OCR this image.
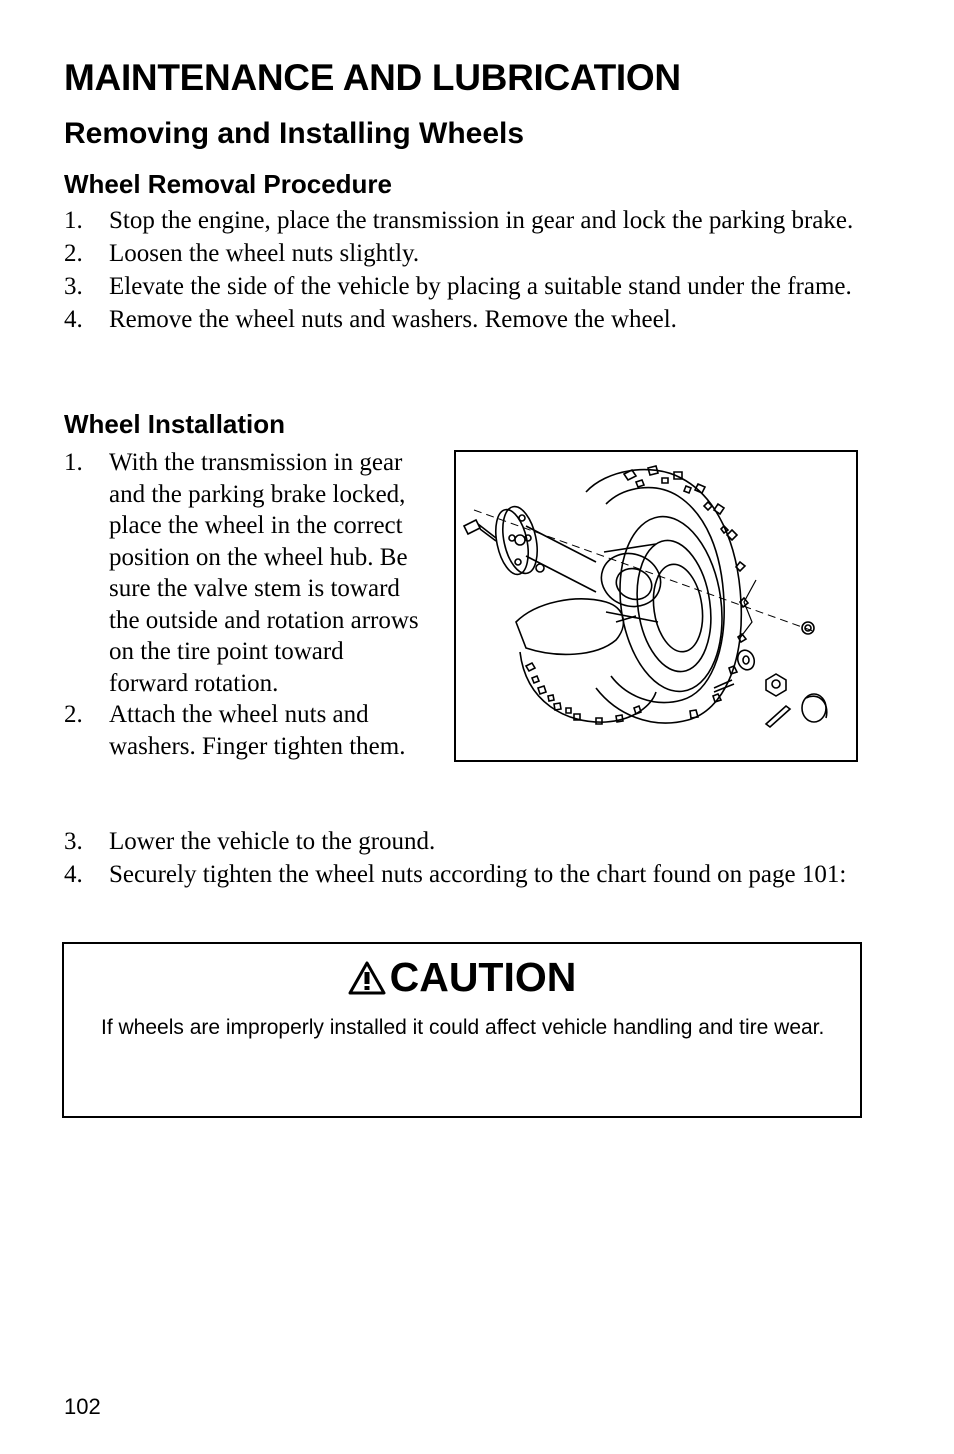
MAINTENANCE AND LUBRICATION
Removing and Installing Wheels
Wheel Removal Procedure
1. Stop the engine, place the transmission in gear and lock the parking brake.
2. Loosen the wheel nuts slightly.
3. Elevate the side of the vehicle by placing a suitable stand under the frame.
4. Remove the wheel nuts and washers. Remove the wheel.
Wheel Installation
1. With the transmission in gear and the parking brake locked, place the wheel in the correct position on the wheel hub. Be sure the valve stem is toward the outside and rotation arrows on the tire point toward forward rotation.
2. Attach the wheel nuts and washers. Finger tighten them.
3. Lower the vehicle to the ground.
4. Securely tighten the wheel nuts according to the chart found on page 101:
CAUTION
If wheels are improperly installed it could affect vehicle handling and tire wear.
102
